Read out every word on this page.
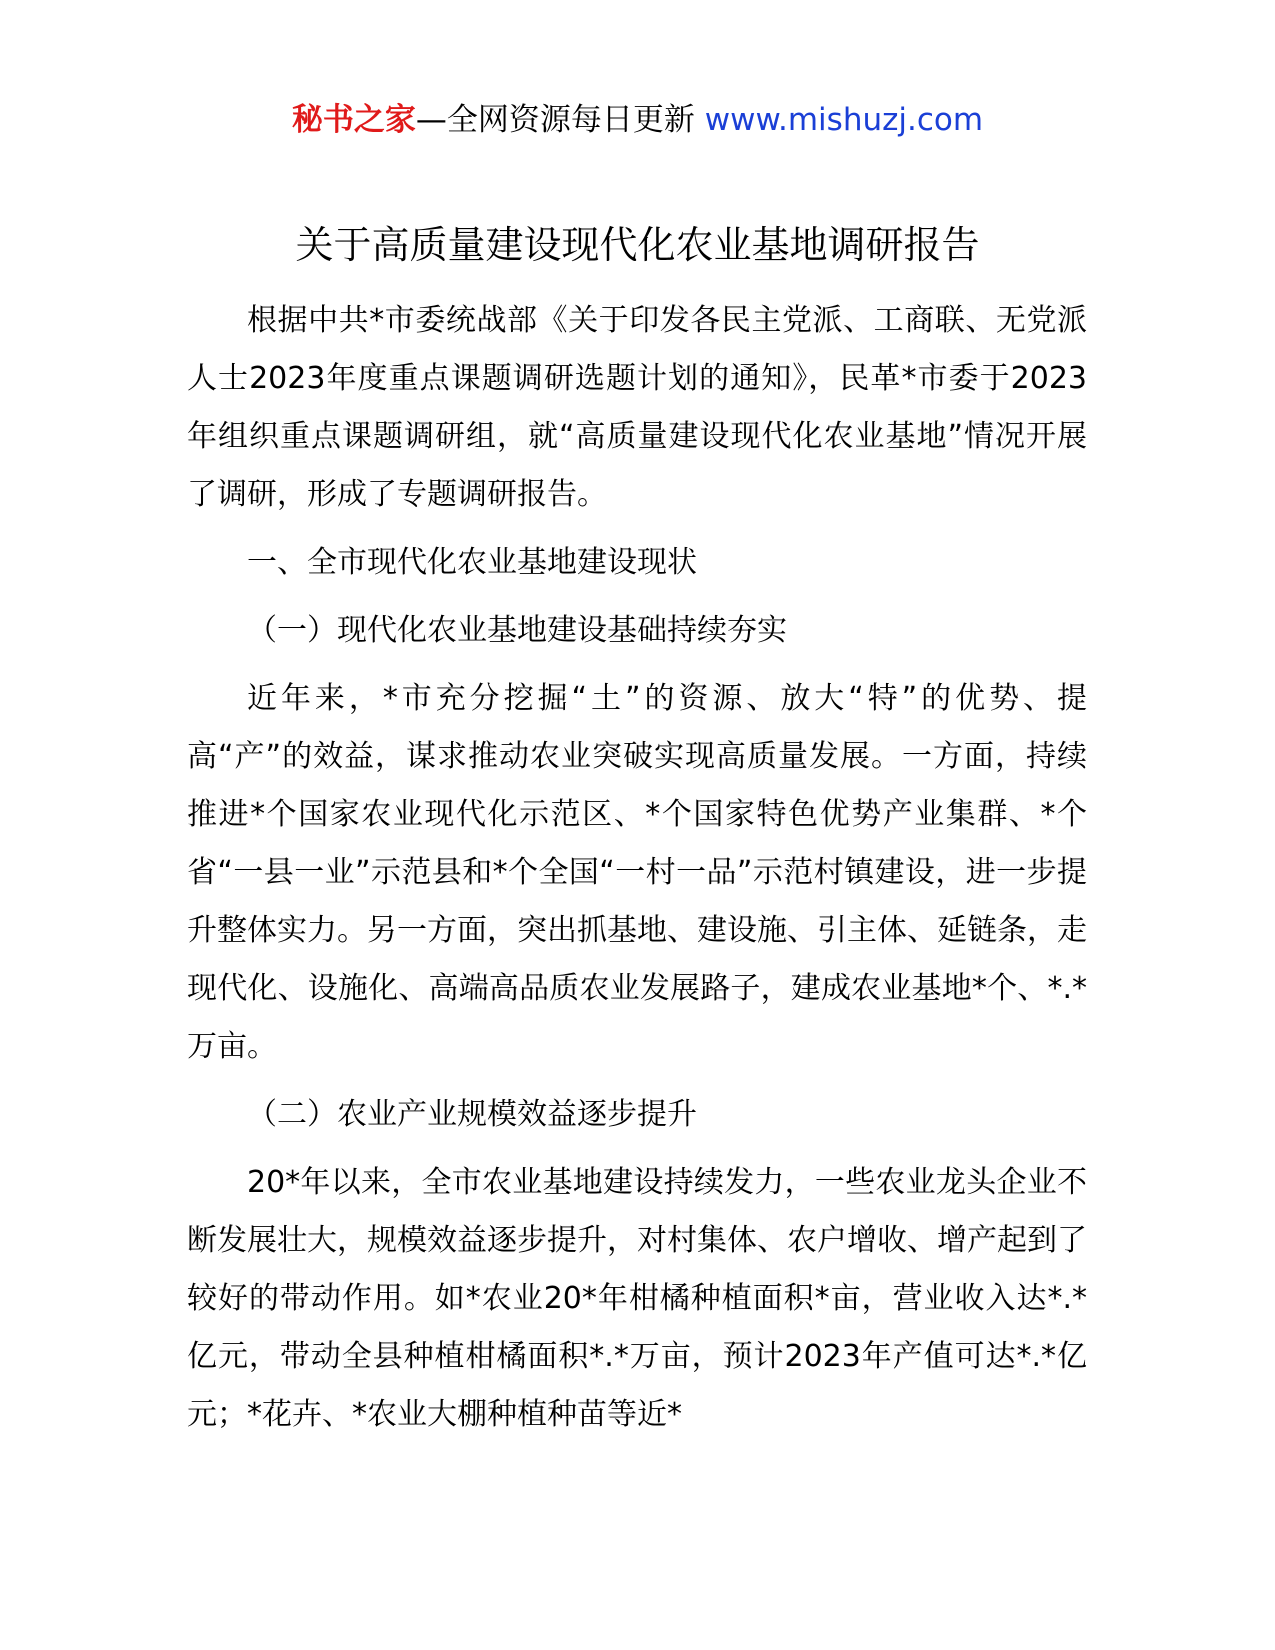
秘书之家—全网资源每日更新 www.mishuzj.com
关于高质量建设现代化农业基地调研报告

根据中共*市委统战部《关于印发各民主党派、工商联、无党派人士2023年度重点课题调研选题计划的通知》，民革*市委于2023年组织重点课题调研组，就“高质量建设现代化农业基地”情况开展了调研，形成了专题调研报告。

一、全市现代化农业基地建设现状

（一）现代化农业基地建设基础持续夯实

近年来，*市充分挖掘“土”的资源、放大“特”的优势、提高“产”的效益，谋求推动农业突破实现高质量发展。一方面，持续推进*个国家农业现代化示范区、*个国家特色优势产业集群、*个省“一县一业”示范县和*个全国“一村一品”示范村镇建设，进一步提升整体实力。另一方面，突出抓基地、建设施、引主体、延链条，走现代化、设施化、高端高品质农业发展路子，建成农业基地*个、*.*万亩。

（二）农业产业规模效益逐步提升

20*年以来，全市农业基地建设持续发力，一些农业龙头企业不断发展壮大，规模效益逐步提升，对村集体、农户增收、增产起到了较好的带动作用。如*农业20*年柑橘种植面积*亩，营业收入达*.*亿元，带动全县种植柑橘面积*.*万亩，预计2023年产值可达*.*亿元；*花卉、*农业大棚种植种苗等近*
